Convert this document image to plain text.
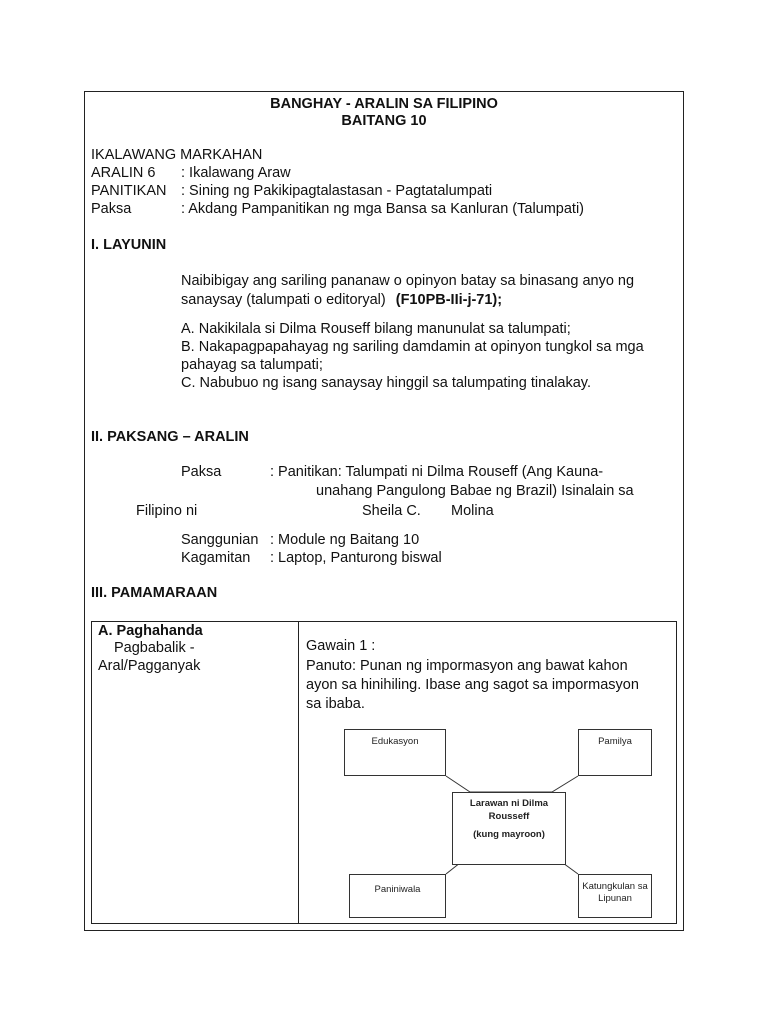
BANGHAY - ARALIN SA FILIPINO
BAITANG 10
IKALAWANG MARKAHAN
ARALIN 6 : Ikalawang Araw
PANITIKAN : Sining ng Pakikipagtalastasan - Pagtatalumpati
Paksa	: Akdang Pampanitikan ng mga Bansa sa Kanluran (Talumpati)
I. LAYUNIN
Naibibigay ang sariling pananaw o opinyon batay sa binasang anyo ng
sanaysay (talumpati o editoryal) (F10PB-IIi-j-71);
A. Nakikilala si Dilma Rouseff bilang manunulat sa talumpati;
B. Nakapagpapahayag ng sariling damdamin at opinyon tungkol sa mga
pahayag sa talumpati;
C. Nabubuo ng isang sanaysay hinggil sa talumpating tinalakay.
II. PAKSANG – ARALIN
Paksa	: Panitikan: Talumpati ni Dilma Rouseff (Ang Kauna-
unahang Pangulong Babae ng Brazil) Isinalain sa
Filipino ni	Sheila C. Molina
Sanggunian : Module ng Baitang 10
Kagamitan : Laptop, Panturong biswal
III. PAMAMARAAN
A. Paghahanda
Pagbabalik -
Aral/Pagganyak
Gawain 1 :
Panuto: Punan ng impormasyon ang bawat kahon
ayon sa hinihiling. Ibase ang sagot sa impormasyon
sa ibaba.
Edukasyon	Pamilya
Larawan ni Dilma
Rousseff
(kung mayroon)
Paniniwala	Katungkulan sa
Lipunan
